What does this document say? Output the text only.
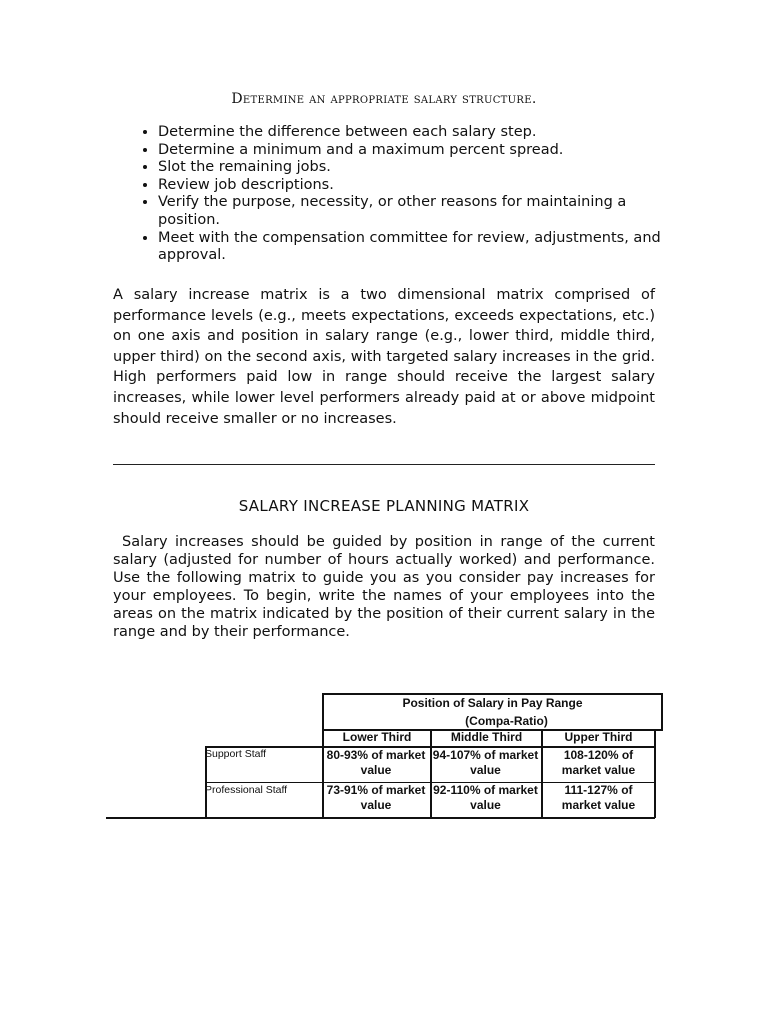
Determine an appropriate salary structure.
• Determine the difference between each salary step.
• Determine a minimum and a maximum percent spread.
• Slot the remaining jobs.
• Review job descriptions.
• Verify the purpose, necessity, or other reasons for maintaining a position.
• Meet with the compensation committee for review, adjustments, and approval.

A salary increase matrix is a two dimensional matrix comprised of performance levels (e.g., meets expectations, exceeds expectations, etc.) on one axis and position in salary range (e.g., lower third, middle third, upper third) on the second axis, with targeted salary increases in the grid. High performers paid low in range should receive the largest salary increases, while lower level performers already paid at or above midpoint should receive smaller or no increases.

SALARY INCREASE PLANNING MATRIX

Salary increases should be guided by position in range of the current salary (adjusted for number of hours actually worked) and performance. Use the following matrix to guide you as you consider pay increases for your employees. To begin, write the names of your employees into the areas on the matrix indicated by the position of their current salary in the range and by their performance.

Position of Salary in Pay Range
(Compa-Ratio)
Lower Third	Middle Third	Upper Third
Support Staff
Professional Staff
80-93% of market
value
94-107% of market
value
108-120% of
market value
73-91% of market
value
92-110% of market
value
111-127% of
market value
